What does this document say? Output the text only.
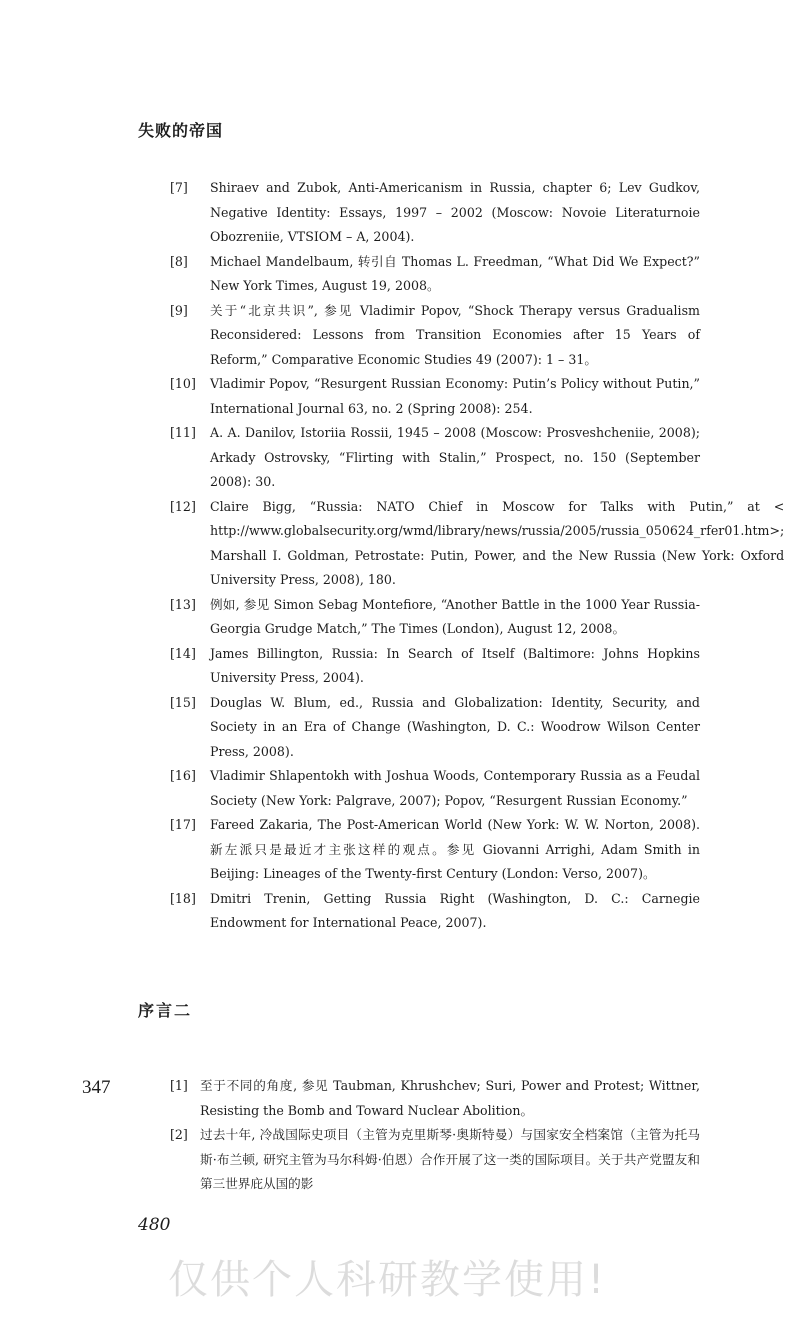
失败的帝国
[7]	Shiraev and Zubok, Anti-Americanism in Russia, chapter 6; Lev Gudkov, Negative Identity: Essays, 1997 – 2002 (Moscow: Novoie Literaturnoie Obozreniie, VTSIOM – A, 2004).
[8]	Michael Mandelbaum, 转引自 Thomas L. Freedman, “What Did We Expect?” New York Times, August 19, 2008。
[9]	关于“北京共识”, 参见 Vladimir Popov, “Shock Therapy versus Gradualism Reconsidered: Lessons from Transition Economies after 15 Years of Reform,” Comparative Economic Studies 49 (2007): 1 – 31。
[10]	Vladimir Popov, “Resurgent Russian Economy: Putin’s Policy without Putin,” International Journal 63, no. 2 (Spring 2008): 254.
[11]	A. A. Danilov, Istoriia Rossii, 1945 – 2008 (Moscow: Prosveshcheniie, 2008); Arkady Ostrovsky, “Flirting with Stalin,” Prospect, no. 150 (September 2008): 30.
[12]	Claire Bigg, “Russia: NATO Chief in Moscow for Talks with Putin,” at < http://www.globalsecurity.org/wmd/library/news/russia/2005/russia_050624_rfer01.htm>; Marshall I. Goldman, Petrostate: Putin, Power, and the New Russia (New York: Oxford University Press, 2008), 180.
[13]	例如, 参见 Simon Sebag Montefiore, “Another Battle in the 1000 Year Russia-Georgia Grudge Match,” The Times (London), August 12, 2008。
[14]	James Billington, Russia: In Search of Itself (Baltimore: Johns Hopkins University Press, 2004).
[15]	Douglas W. Blum, ed., Russia and Globalization: Identity, Security, and Society in an Era of Change (Washington, D. C.: Woodrow Wilson Center Press, 2008).
[16]	Vladimir Shlapentokh with Joshua Woods, Contemporary Russia as a Feudal Society (New York: Palgrave, 2007); Popov, “Resurgent Russian Economy.”
[17]	Fareed Zakaria, The Post-American World (New York: W. W. Norton, 2008). 新左派只是最近才主张这样的观点。参见 Giovanni Arrighi, Adam Smith in Beijing: Lineages of the Twenty-first Century (London: Verso, 2007)。
[18]	Dmitri Trenin, Getting Russia Right (Washington, D. C.: Carnegie Endowment for International Peace, 2007).
序言二
347	[1] 至于不同的角度, 参见 Taubman, Khrushchev; Suri, Power and Protest; Wittner, Resisting the Bomb and Toward Nuclear Abolition。
[2] 过去十年, 冷战国际史项目（主管为克里斯琴·奥斯特曼）与国家安全档案馆（主管为托马斯·布兰顿, 研究主管为马尔科姆·伯恩）合作开展了这一类的国际项目。关于共产党盟友和第三世界庇从国的影
480
仅供个人科研教学使用!
